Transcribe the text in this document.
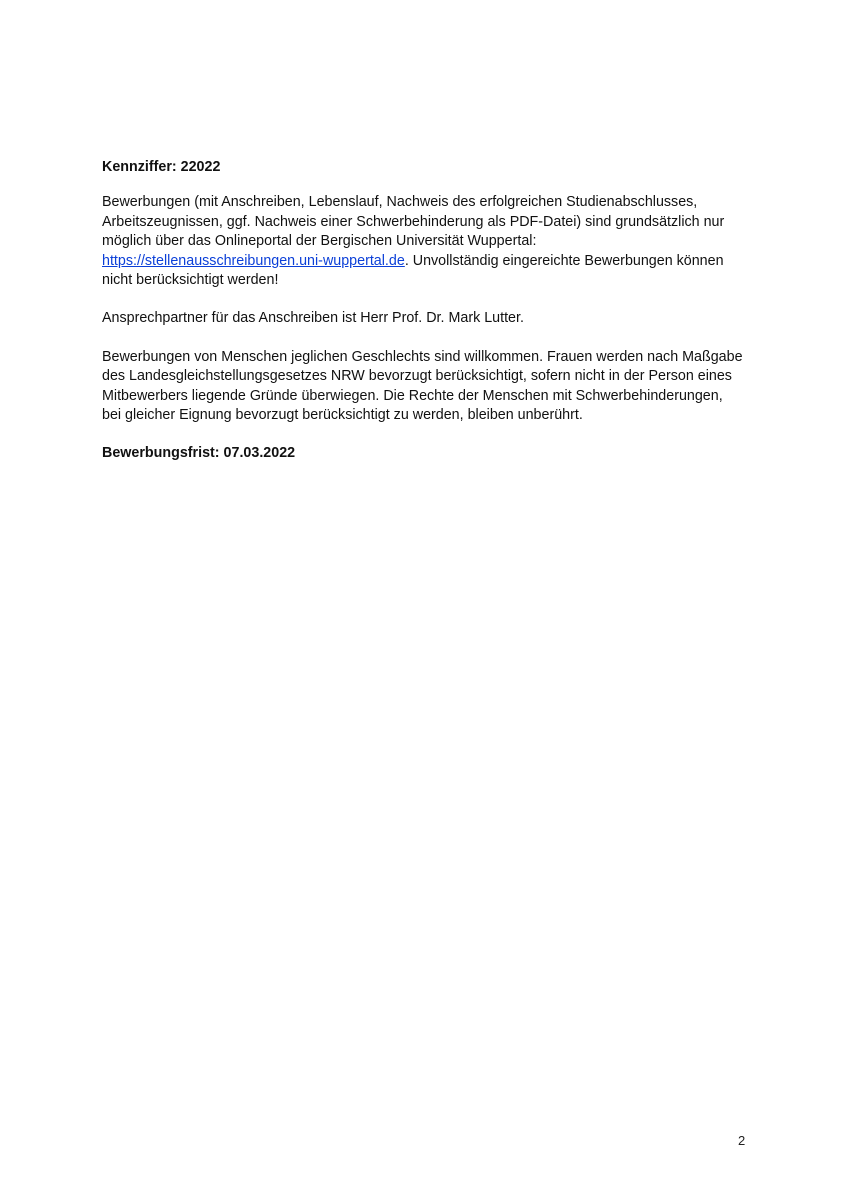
Kennziffer: 22022
Bewerbungen (mit Anschreiben, Lebenslauf, Nachweis des erfolgreichen Studienabschlusses,
Arbeitszeugnissen, ggf. Nachweis einer Schwerbehinderung als PDF-Datei) sind grundsätzlich nur
möglich über das Onlineportal der Bergischen Universität Wuppertal:
https://stellenausschreibungen.uni-wuppertal.de. Unvollständig eingereichte Bewerbungen können
nicht berücksichtigt werden!
Ansprechpartner für das Anschreiben ist Herr Prof. Dr. Mark Lutter.
Bewerbungen von Menschen jeglichen Geschlechts sind willkommen. Frauen werden nach Maßgabe
des Landesgleichstellungsgesetzes NRW bevorzugt berücksichtigt, sofern nicht in der Person eines
Mitbewerbers liegende Gründe überwiegen. Die Rechte der Menschen mit Schwerbehinderungen,
bei gleicher Eignung bevorzugt berücksichtigt zu werden, bleiben unberührt.
Bewerbungsfrist: 07.03.2022
2
